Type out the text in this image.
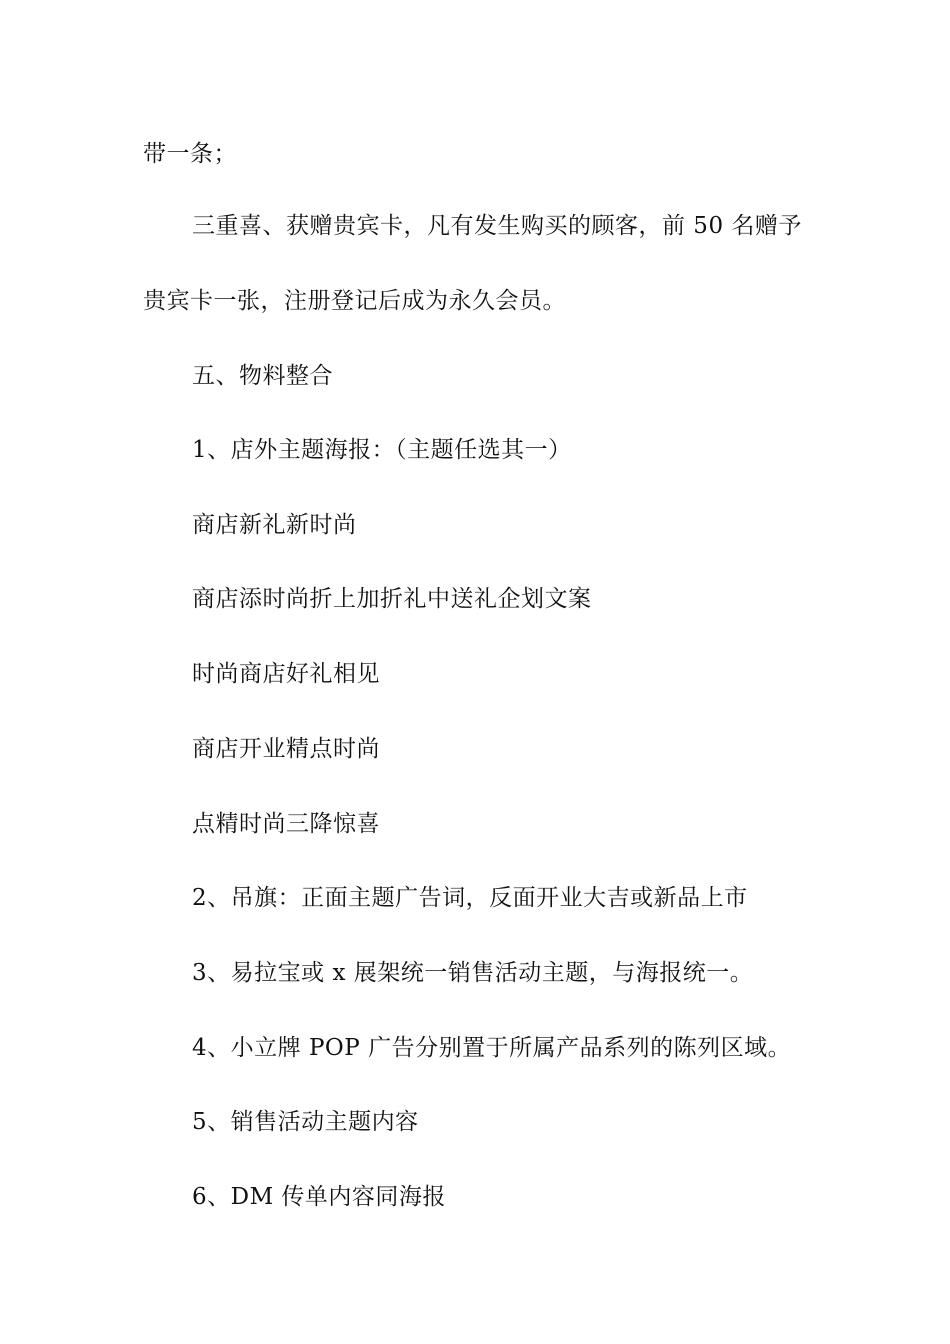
带一条；
三重喜、获赠贵宾卡，凡有发生购买的顾客，前 50 名赠予
贵宾卡一张，注册登记后成为永久会员。
五、物料整合
1、店外主题海报：（主题任选其一）
商店新礼新时尚
商店添时尚折上加折礼中送礼企划文案
时尚商店好礼相见
商店开业精点时尚
点精时尚三降惊喜
2、吊旗：正面主题广告词，反面开业大吉或新品上市
3、易拉宝或 x 展架统一销售活动主题，与海报统一。
4、小立牌 POP 广告分别置于所属产品系列的陈列区域。
5、销售活动主题内容
6、DM 传单内容同海报
